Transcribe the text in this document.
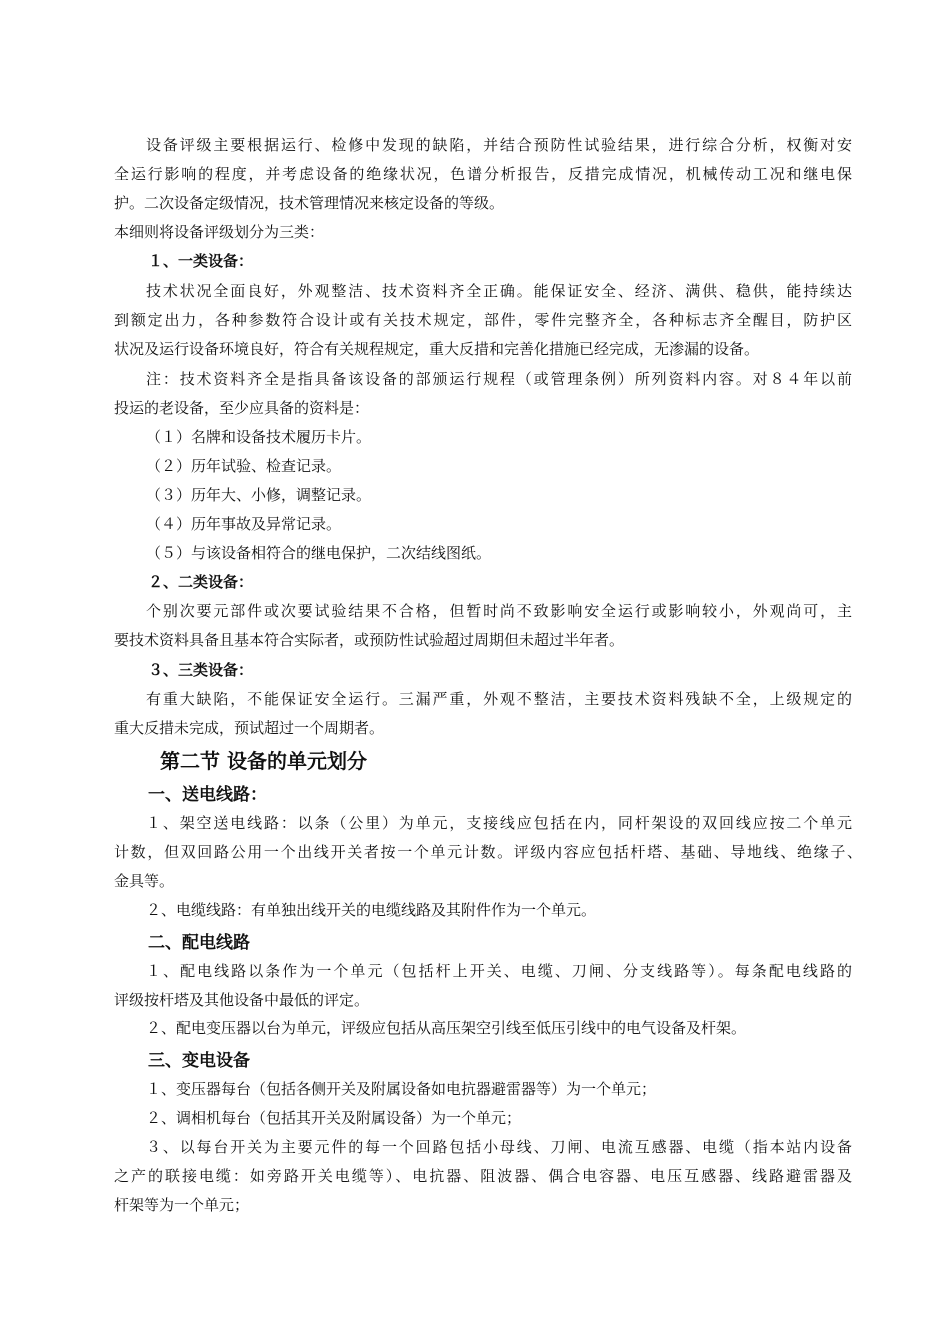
设备评级主要根据运行、检修中发现的缺陷，并结合预防性试验结果，进行综合分析，权衡对安
全运行影响的程度，并考虑设备的绝缘状况，色谱分析报告，反措完成情况，机械传动工况和继电保
护。二次设备定级情况，技术管理情况来核定设备的等级。
本细则将设备评级划分为三类：
１、一类设备：
技术状况全面良好，外观整洁、技术资料齐全正确。能保证安全、经济、满供、稳供，能持续达
到额定出力，各种参数符合设计或有关技术规定，部件，零件完整齐全，各种标志齐全醒目，防护区
状况及运行设备环境良好，符合有关规程规定，重大反措和完善化措施已经完成，无渗漏的设备。
注：技术资料齐全是指具备该设备的部颁运行规程（或管理条例）所列资料内容。对８４年以前
投运的老设备，至少应具备的资料是：
（１）名牌和设备技术履历卡片。
（２）历年试验、检查记录。
（３）历年大、小修，调整记录。
（４）历年事故及异常记录。
（５）与该设备相符合的继电保护，二次结线图纸。
２、二类设备：
个别次要元部件或次要试验结果不合格，但暂时尚不致影响安全运行或影响较小，外观尚可，主
要技术资料具备且基本符合实际者，或预防性试验超过周期但未超过半年者。
３、三类设备：
有重大缺陷，不能保证安全运行。三漏严重，外观不整洁，主要技术资料残缺不全，上级规定的
重大反措未完成，预试超过一个周期者。
第二节 设备的单元划分
一、送电线路：
１、架空送电线路：以条（公里）为单元，支接线应包括在内，同杆架设的双回线应按二个单元
计数，但双回路公用一个出线开关者按一个单元计数。评级内容应包括杆塔、基础、导地线、绝缘子、
金具等。
２、电缆线路：有单独出线开关的电缆线路及其附件作为一个单元。
二、配电线路
１、配电线路以条作为一个单元（包括杆上开关、电缆、刀闸、分支线路等）。每条配电线路的
评级按杆塔及其他设备中最低的评定。
２、配电变压器以台为单元，评级应包括从高压架空引线至低压引线中的电气设备及杆架。
三、变电设备
１、变压器每台（包括各侧开关及附属设备如电抗器避雷器等）为一个单元；
２、调相机每台（包括其开关及附属设备）为一个单元；
３、以每台开关为主要元件的每一个回路包括小母线、刀闸、电流互感器、电缆（指本站内设备
之产的联接电缆：如旁路开关电缆等）、电抗器、阻波器、偶合电容器、电压互感器、线路避雷器及
杆架等为一个单元；
